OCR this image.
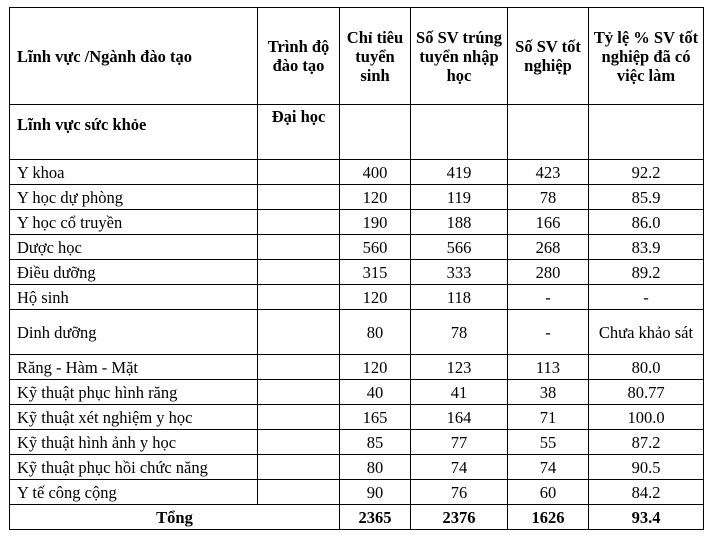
Lĩnh vực /Ngành đào tạo	Trình độ đào tạo	Chỉ tiêu tuyển sinh	Số SV trúng tuyển nhập học	Số SV tốt nghiệp	Tỷ lệ % SV tốt nghiệp đã có việc làm
Lĩnh vực sức khỏe	Đại học				
Y khoa		400	419	423	92.2
Y học dự phòng		120	119	78	85.9
Y học cổ truyền		190	188	166	86.0
Dược học		560	566	268	83.9
Điều dưỡng		315	333	280	89.2
Hộ sinh		120	118	-	-
Dinh dưỡng		80	78	-	Chưa khảo sát
Răng - Hàm - Mặt		120	123	113	80.0
Kỹ thuật phục hình răng		40	41	38	80.77
Kỹ thuật xét nghiệm y học		165	164	71	100.0
Kỹ thuật hình ảnh y học		85	77	55	87.2
Kỹ thuật phục hồi chức năng		80	74	74	90.5
Y tế công cộng		90	76	60	84.2
Tổng		2365	2376	1626	93.4
